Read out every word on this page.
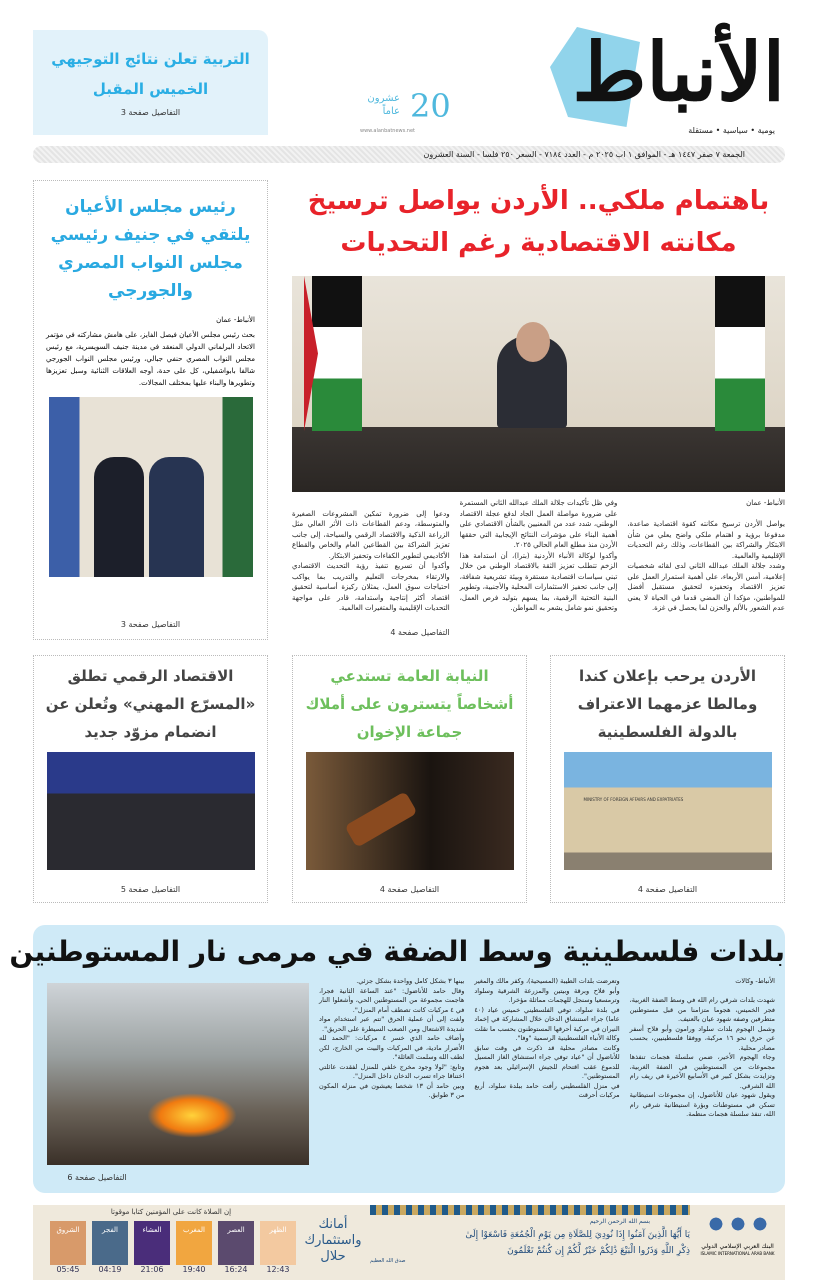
التربية تعلن نتائج التوجيهي
الخميس المقبل
التفاصيل صفحة 3	الأنباط
يومية • سياسية • مستقلة
20
عشرون عاماً
www.alanbatnews.net
الجمعة ٧ صفر ١٤٤٧ هـ - الموافق ١ اب ٢٠٢٥ م - العدد ٧١٨٤ - السعر ٢٥٠ فلسا - السنة العشرون
باهتمام ملكي.. الأردن يواصل ترسيخ
مكانته الاقتصادية رغم التحديات

الأنباط- عمان

يواصل الأردن ترسيخ مكانته كقوة اقتصادية صاعدة، مدفوعا برؤية و اهتمام ملكي واضح يعلي من شأن الابتكار والشراكة بين القطاعات، وذلك رغم التحديات الإقليمية والعالمية.
وشدد جلالة الملك عبدالله الثاني لدى لقائه شخصيات إعلامية، أمس الأربعاء، على أهمية استمرار العمل على تعزيز الاقتصاد وتحفيزه لتحقيق مستقبل أفضل للمواطنين، مؤكدا أن المضي قدما في الحياة لا يعني عدم الشعور بالألم والحزن لما يحصل في غزة.

وفي ظل تأكيدات جلالة الملك عبدالله الثاني المستمرة على ضرورة مواصلة العمل الجاد لدفع عجلة الاقتصاد الوطني، شدد عدد من المعنيين بالشأن الاقتصادي على أهمية البناء على مؤشرات النتائج الإيجابية التي حققها الأردن منذ مطلع العام الحالي ٢٠٢٥.
وأكدوا لوكالة الأنباء الأردنية (بترا)، أن استدامة هذا الزخم تتطلب تعزيز الثقة بالاقتصاد الوطني من خلال تبني سياسات اقتصادية مستقرة وبيئة تشريعية شفافة، إلى جانب تحفيز الاستثمارات المحلية والأجنبية، وتطوير البنية التحتية الرقمية، بما يسهم بتوليد فرص العمل، وتحقيق نمو شامل يشعر به المواطن.

ودعوا إلى ضرورة تمكين المشروعات الصغيرة والمتوسطة، ودعم القطاعات ذات الأثر العالي مثل الزراعة الذكية والاقتصاد الرقمي والسياحة، إلى جانب تعزيز الشراكة بين القطاعين العام والخاص والقطاع الأكاديمي لتطوير الكفاءات وتحفيز الابتكار.
وأكدوا أن تسريع تنفيذ رؤية التحديث الاقتصادي والارتقاء بمخرجات التعليم والتدريب بما يواكب احتياجات سوق العمل، يمثلان ركيزة أساسية لتحقيق اقتصاد أكثر إنتاجية واستدامة، قادر على مواجهة التحديات الإقليمية والمتغيرات العالمية.

التفاصيل صفحة 4

رئيس مجلس الأعيان يلتقي في جنيف رئيسي مجلس النواب المصري والجورجي
الأنباط- عمان
بحث رئيس مجلس الأعيان فيصل الفايز، على هامش مشاركته في مؤتمر الاتحاد البرلماني الدولي المنعقد في مدينة جنيف السويسرية، مع رئيس مجلس النواب المصري حنفي جبالي، ورئيس مجلس النواب الجورجي شالفا بابواشفيلي، كل على حدة، أوجه العلاقات الثنائية وسبل تعزيزها وتطويرها والبناء عليها بمختلف المجالات.
التفاصيل صفحة 3
الأردن يرحب بإعلان كندا ومالطا عزمهما الاعتراف بالدولة الفلسطينية
MINISTRY OF FOREIGN AFFAIRS AND EXPATRIATES
التفاصيل صفحة 4
النيابة العامة تستدعي أشخاصاً يتسترون على أملاك جماعة الإخوان
التفاصيل صفحة 4
الاقتصاد الرقمي تطلق «المسرّع المهني» وتُعلن عن انضمام مزوّد جديد
التفاصيل صفحة 5
بلدات فلسطينية وسط الضفة في مرمى نار المستوطنين

الأنباط- وكالات

شهدت بلدات شرقي رام الله في وسط الضفة الغربية، فجر الخميس، هجوما متزامنا من قبل مستوطنين متطرفين وصفه شهود عيان بالعنيف.
وشمل الهجوم بلدات سلواد ورامون وأبو فلاح أسفر عن حرق نحو ١٦ مركبة، ووفقا فلسطينيين، بحسب مصادر محلية.
وجاء الهجوم الأخير، ضمن سلسلة هجمات تنفذها مجموعات من المستوطنين في الضفة الغربية، وتزايدت بشكل كبير في الأسابيع الأخيرة في ريف رام الله الشرقي.
ويقول شهود عيان للأناضول، إن مجموعات استيطانية تسكن في مستوطنات وبؤرة استيطانية شرقي رام الله، تنفذ سلسلة هجمات منظمة.

وتعرضت بلدات الطيبة (المسيحية)، وكفر مالك والمغير وأبو فلاح وبرقة وبيتين والمزرعة الشرقية وسلواد وترمسعيا وسنجل للهجمات مماثلة مؤخرا.
في بلدة سلواد، توفي الفلسطيني خميس عياد (٤٠ عاما) جراء استنشاق الدخان خلال المشاركة في إخماد النيران في مركبة أحرقها المستوطنون بحسب ما نقلت وكالة الأنباء الفلسطينية الرسمية "وفا".
وكانت مصادر محلية قد ذكرت في وقت سابق للأناضول أن "عياد توفي جراء استنشاق الغاز المسيل للدموع عقب اقتحام للجيش الإسرائيلي بعد هجوم المستوطنين".
في منزل الفلسطيني رأفت حامد ببلدة سلواد، أربع مركبات أحرقت

بينها ٣ بشكل كامل وواحدة بشكل جزئي.
وقال حامد للأناضول: "عند الساعة الثانية فجرا، هاجمت مجموعة من المستوطنين الحي، وأشعلوا النار في ٤ مركبات كانت تصطف أمام المنزل".
ولفت إلى أن عملية الحرق "تتم عبر استخدام مواد شديدة الاشتعال ومن الصعب السيطرة على الحريق".
وأضاف حامد الذي خسر ٤ مركبات: "الحمد لله الأضرار مادية، في المركبات والبيت من الخارج، لكن لطف الله وسلمت العائلة".
وتابع: "لولا وجود مخرج خلفي للمنزل لفقدت عائلتي اختناقا جراء تسرب الدخان داخل المنزل".
وبين حامد أن ١٣ شخصا يعيشون في منزله المكون من ٣ طوابق.

التفاصيل صفحة 6
البنك العربي الإسلامي الدولي
ISLAMIC INTERNATIONAL ARAB BANK
بسم الله الرحمن الرحيم
يَا أَيُّهَا الَّذِينَ آمَنُوا إِذَا نُودِيَ لِلصَّلَاةِ مِن يَوْمِ الْجُمُعَةِ فَاسْعَوْا إِلَىٰ
ذِكْرِ اللَّهِ وَذَرُوا الْبَيْعَ ذَٰلِكُمْ خَيْرٌ لَّكُمْ إِن كُنتُمْ تَعْلَمُونَ
صدق الله العظيم
أمانك واستثمارك حلال
إن الصلاة كانت على المؤمنين كتابا موقوتا
الظهر
12:43
العصر
16:24
المغرب
19:40
العشاء
21:06
الفجر
04:19
الشروق
05:45
